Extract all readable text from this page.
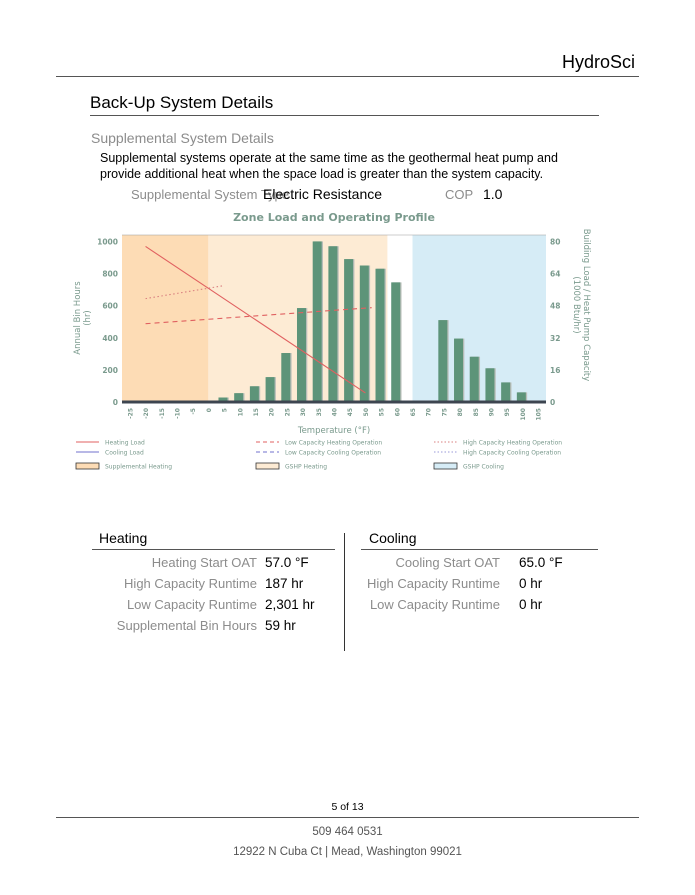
HydroSci
Back-Up System Details
Supplemental System Details
Supplemental systems operate at the same time as the geothermal heat pump and provide additional heat when the space load is greater than the system capacity.
Supplemental System Type
Electric Resistance	COP 1.0
Zone Load and Operating Profile
0
200
400
600
800
1000
0
16
32
48
64
80
-25 -20 -15 -10 -5 0 5 10 15 20 25 30 35 40 45 50 55 60 65 70 75 80 85 90 95 100 105
Temperature (°F)
Annual Bin Hours (hr)	Building Load / Heat Pump Capacity
(1000 Btu/hr)
Heating Load	Low Capacity Heating Operation	High Capacity Heating Operation
Cooling Load	Low Capacity Cooling Operation	High Capacity Cooling Operation
Supplemental Heating	GSHP Heating	GSHP Cooling
Heating
Heating Start OAT 57.0 °F
High Capacity Runtime 187 hr
Low Capacity Runtime 2,301 hr
Supplemental Bin Hours 59 hr
Cooling
Cooling Start OAT 65.0 °F
High Capacity Runtime 0 hr
Low Capacity Runtime 0 hr
5 of 13
509 464 0531
12922 N Cuba Ct | Mead, Washington 99021
